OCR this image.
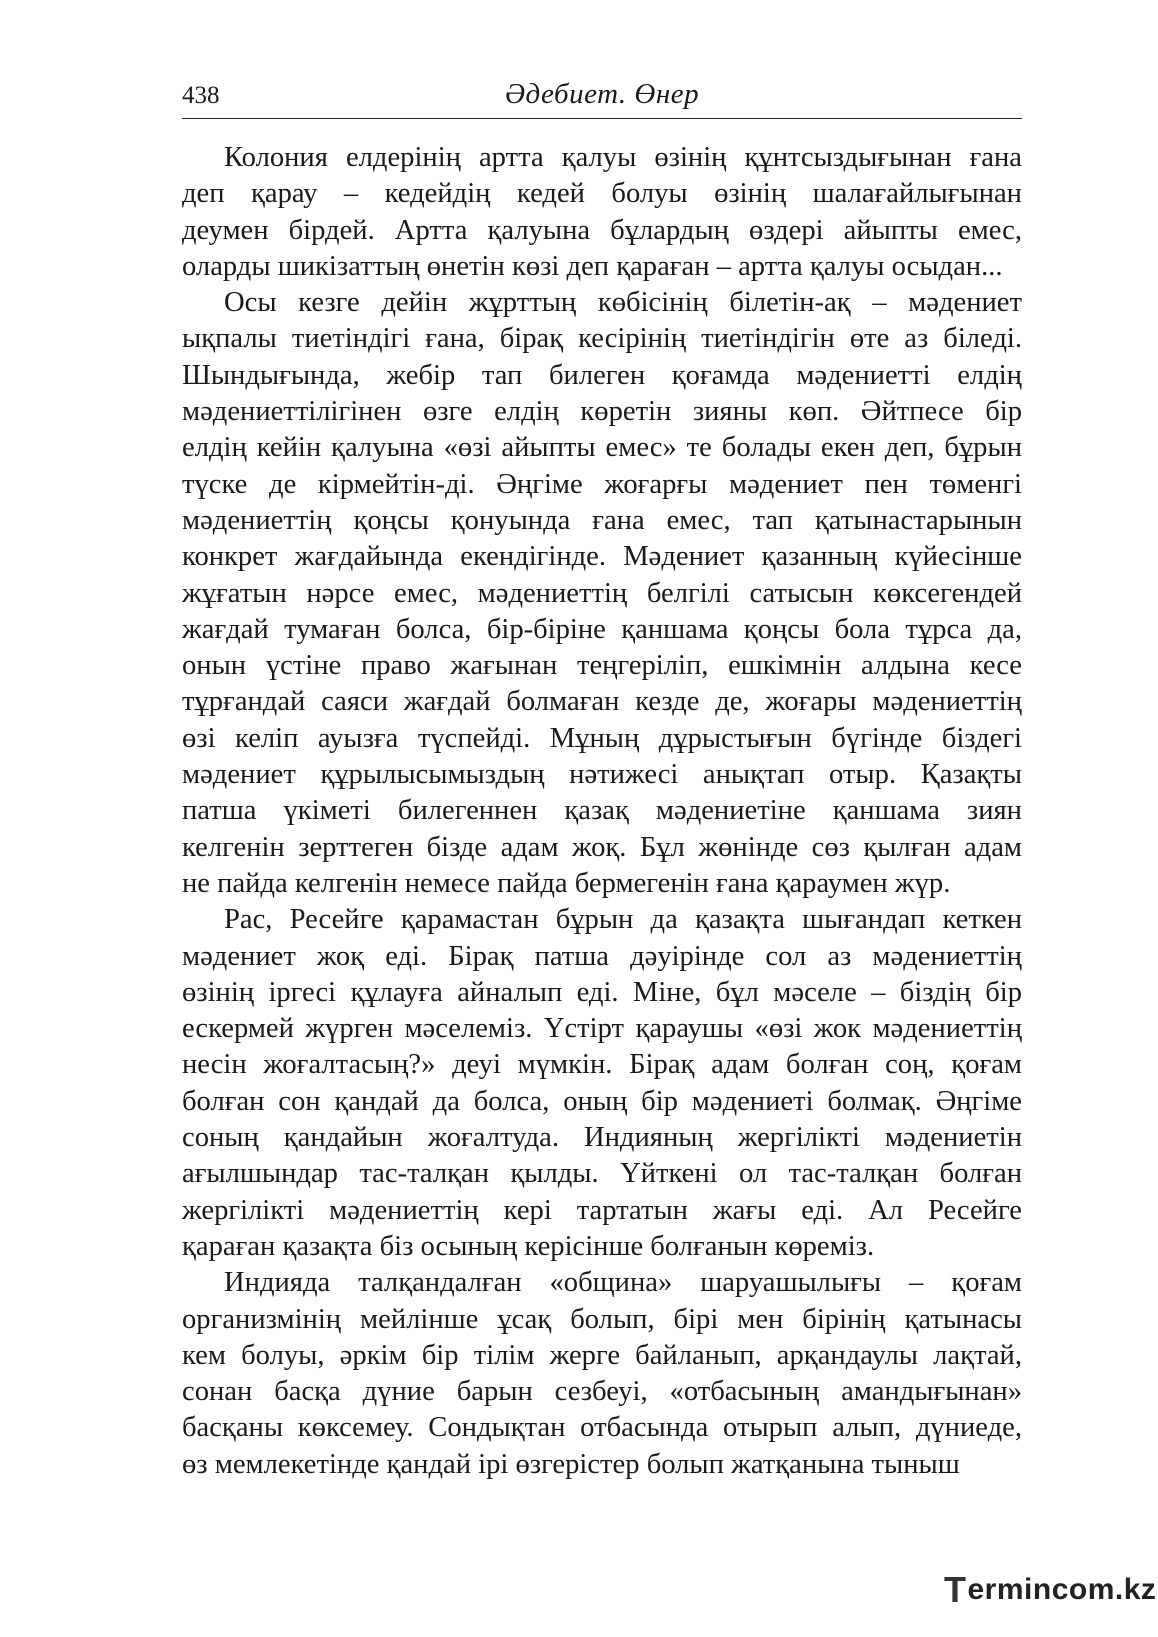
438	Әдебиет. Өнер

Колония елдерінің артта қалуы өзінің құнтсыздығынан ғана
деп қарау – кедейдің кедей болуы өзінің шалағайлығынан
деумен бірдей. Артта қалуына бұлардың өздері айыпты емес,
оларды шикізаттың өнетін көзі деп қараған – артта қалуы осыдан...

Осы кезге дейін жұрттың көбісінің білетін-ақ – мәдениет
ықпалы тиетіндігі ғана, бірақ кесірінің тиетіндігін өте аз біледі.
Шындығында, жебір тап билеген қоғамда мәдениетті елдің
мәдениеттілігінен өзге елдің көретін зияны көп. Әйтпесе бір
елдің кейін қалуына «өзі айыпты емес» те болады екен деп, бұрын
түске де кірмейтін-ді. Әңгіме жоғарғы мәдениет пен төменгі
мәдениеттің қоңсы қонуында ғана емес, тап қатынастарынын
конкрет жағдайында екендігінде. Мәдениет қазанның күйесінше
жұғатын нәрсе емес, мәдениеттің белгілі сатысын көксегендей
жағдай тумаған болса, бір-біріне қаншама қоңсы бола тұрса да,
онын үстіне право жағынан теңгеріліп, ешкімнін алдына кесе
тұрғандай саяси жағдай болмаған кезде де, жоғары мәдениеттің
өзі келіп ауызға түспейді. Мұның дұрыстығын бүгінде біздегі
мәдениет құрылысымыздың нәтижесі анықтап отыр. Қазақты
патша үкіметі билегеннен қазақ мәдениетіне қаншама зиян
келгенін зерттеген бізде адам жоқ. Бұл жөнінде сөз қылған адам
не пайда келгенін немесе пайда бермегенін ғана қараумен жүр.

Рас, Ресейге қарамастан бұрын да қазақта шығандап кеткен
мәдениет жоқ еді. Бірақ патша дәуірінде сол аз мәдениеттің
өзінің іргесі құлауға айналып еді. Міне, бұл мәселе – біздің бір
ескермей жүрген мәселеміз. Үстірт қараушы «өзі жок мәдениеттің
несін жоғалтасың?» деуі мүмкін. Бірақ адам болған соң, қоғам
болған сон қандай да болса, оның бір мәдениеті болмақ. Әңгіме
соның қандайын жоғалтуда. Индияның жергілікті мәдениетін
ағылшындар тас-талқан қылды. Үйткені ол тас-талқан болған
жергілікті мәдениеттің кері тартатын жағы еді. Ал Ресейге
қараған қазақта біз осының керісінше болғанын көреміз.

Индияда талқандалған «община» шаруашылығы – қоғам
организмінің мейлінше ұсақ болып, бірі мен бірінің қатынасы
кем болуы, әркім бір тілім жерге байланып, арқандаулы лақтай,
сонан басқа дүние барын сезбеуі, «отбасының амандығынан»
басқаны көксемеу. Сондықтан отбасында отырып алып, дүниеде,
өз мемлекетінде қандай ірі өзгерістер болып жатқанына тыныш

T ermincom .kz
